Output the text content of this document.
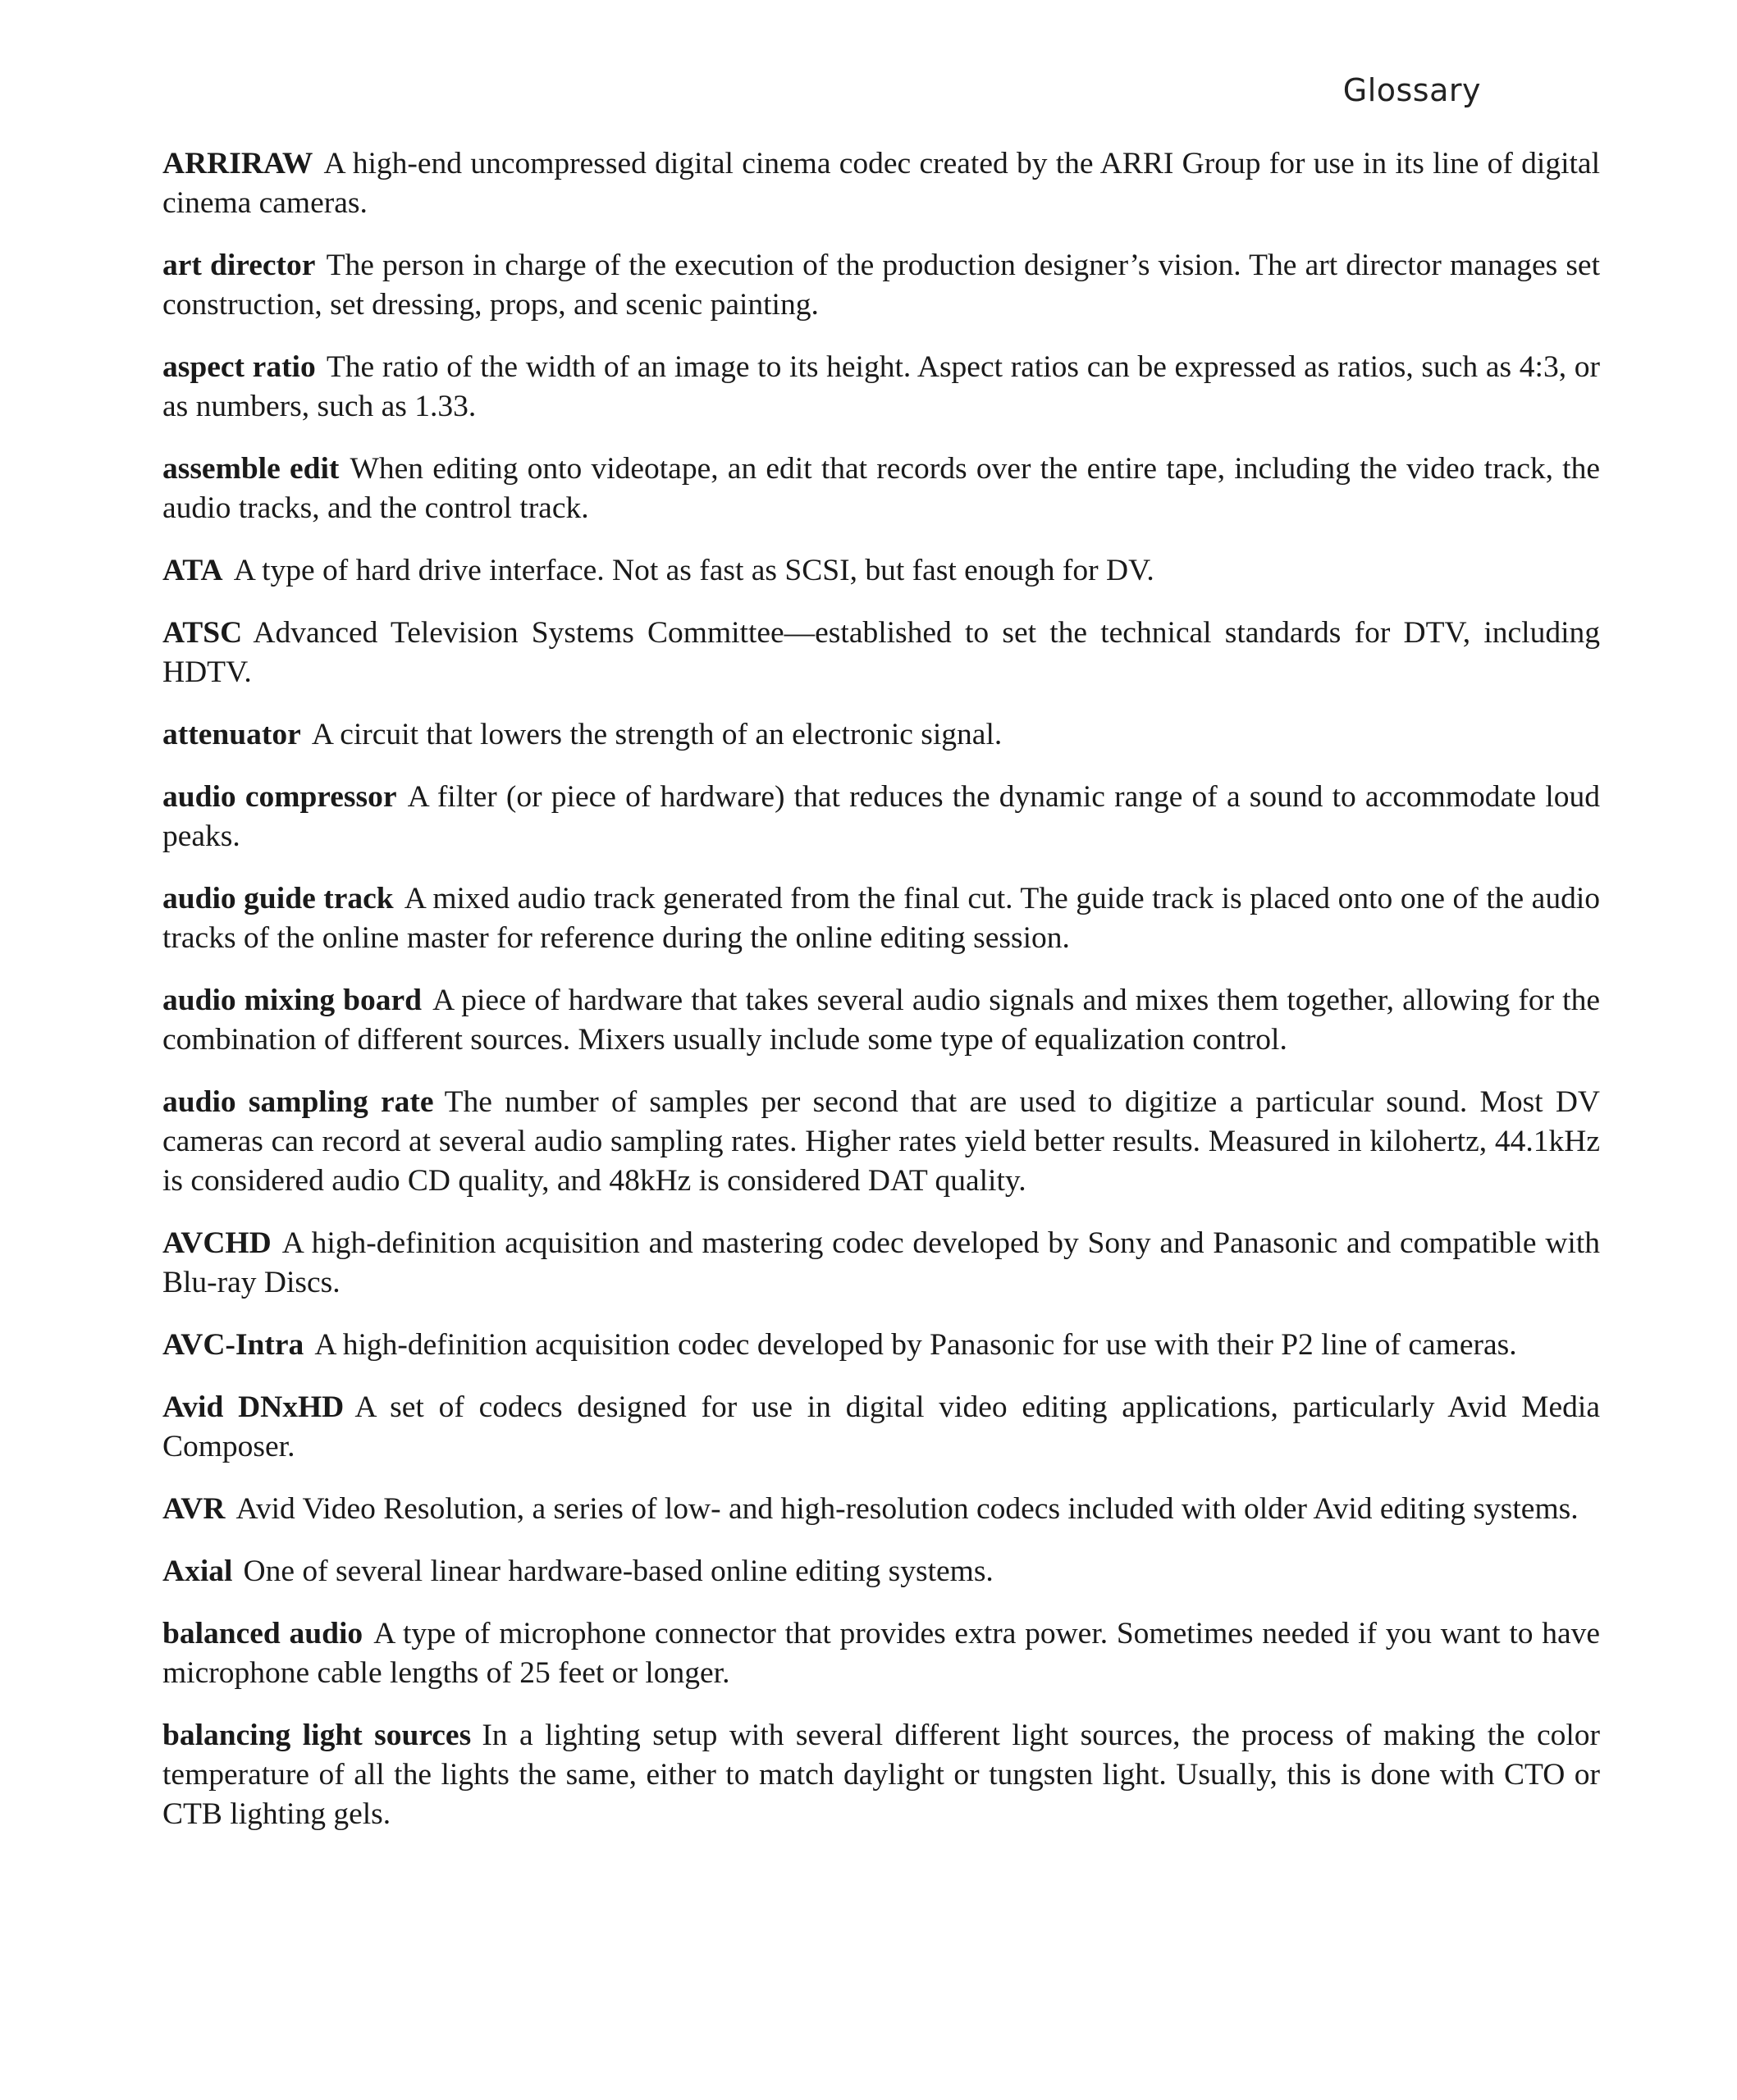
Glossary

ARRIRAW A high-end uncompressed digital cinema codec created by the ARRI Group for use in its line of digital cinema cameras.

art director The person in charge of the execution of the production designer’s vision. The art director manages set construction, set dressing, props, and scenic painting.

aspect ratio The ratio of the width of an image to its height. Aspect ratios can be expressed as ratios, such as 4:3, or as numbers, such as 1.33.

assemble edit When editing onto videotape, an edit that records over the entire tape, including the video track, the audio tracks, and the control track.

ATA A type of hard drive interface. Not as fast as SCSI, but fast enough for DV.

ATSC Advanced Television Systems Committee—established to set the technical standards for DTV, including HDTV.

attenuator A circuit that lowers the strength of an electronic signal.

audio compressor A filter (or piece of hardware) that reduces the dynamic range of a sound to accommodate loud peaks.

audio guide track A mixed audio track generated from the final cut. The guide track is placed onto one of the audio tracks of the online master for reference during the online editing session.

audio mixing board A piece of hardware that takes several audio signals and mixes them together, allowing for the combination of different sources. Mixers usually include some type of equalization control.

audio sampling rate The number of samples per second that are used to digitize a particular sound. Most DV cameras can record at several audio sampling rates. Higher rates yield better results. Measured in kilohertz, 44.1kHz is considered audio CD quality, and 48kHz is considered DAT quality.

AVCHD A high-definition acquisition and mastering codec developed by Sony and Panasonic and compatible with Blu-ray Discs.

AVC-Intra A high-definition acquisition codec developed by Panasonic for use with their P2 line of cameras.

Avid DNxHD A set of codecs designed for use in digital video editing applications, particularly Avid Media Composer.

AVR Avid Video Resolution, a series of low- and high-resolution codecs included with older Avid editing systems.

Axial One of several linear hardware-based online editing systems.

balanced audio A type of microphone connector that provides extra power. Sometimes needed if you want to have microphone cable lengths of 25 feet or longer.

balancing light sources In a lighting setup with several different light sources, the process of making the color temperature of all the lights the same, either to match daylight or tungsten light. Usually, this is done with CTO or CTB lighting gels.
